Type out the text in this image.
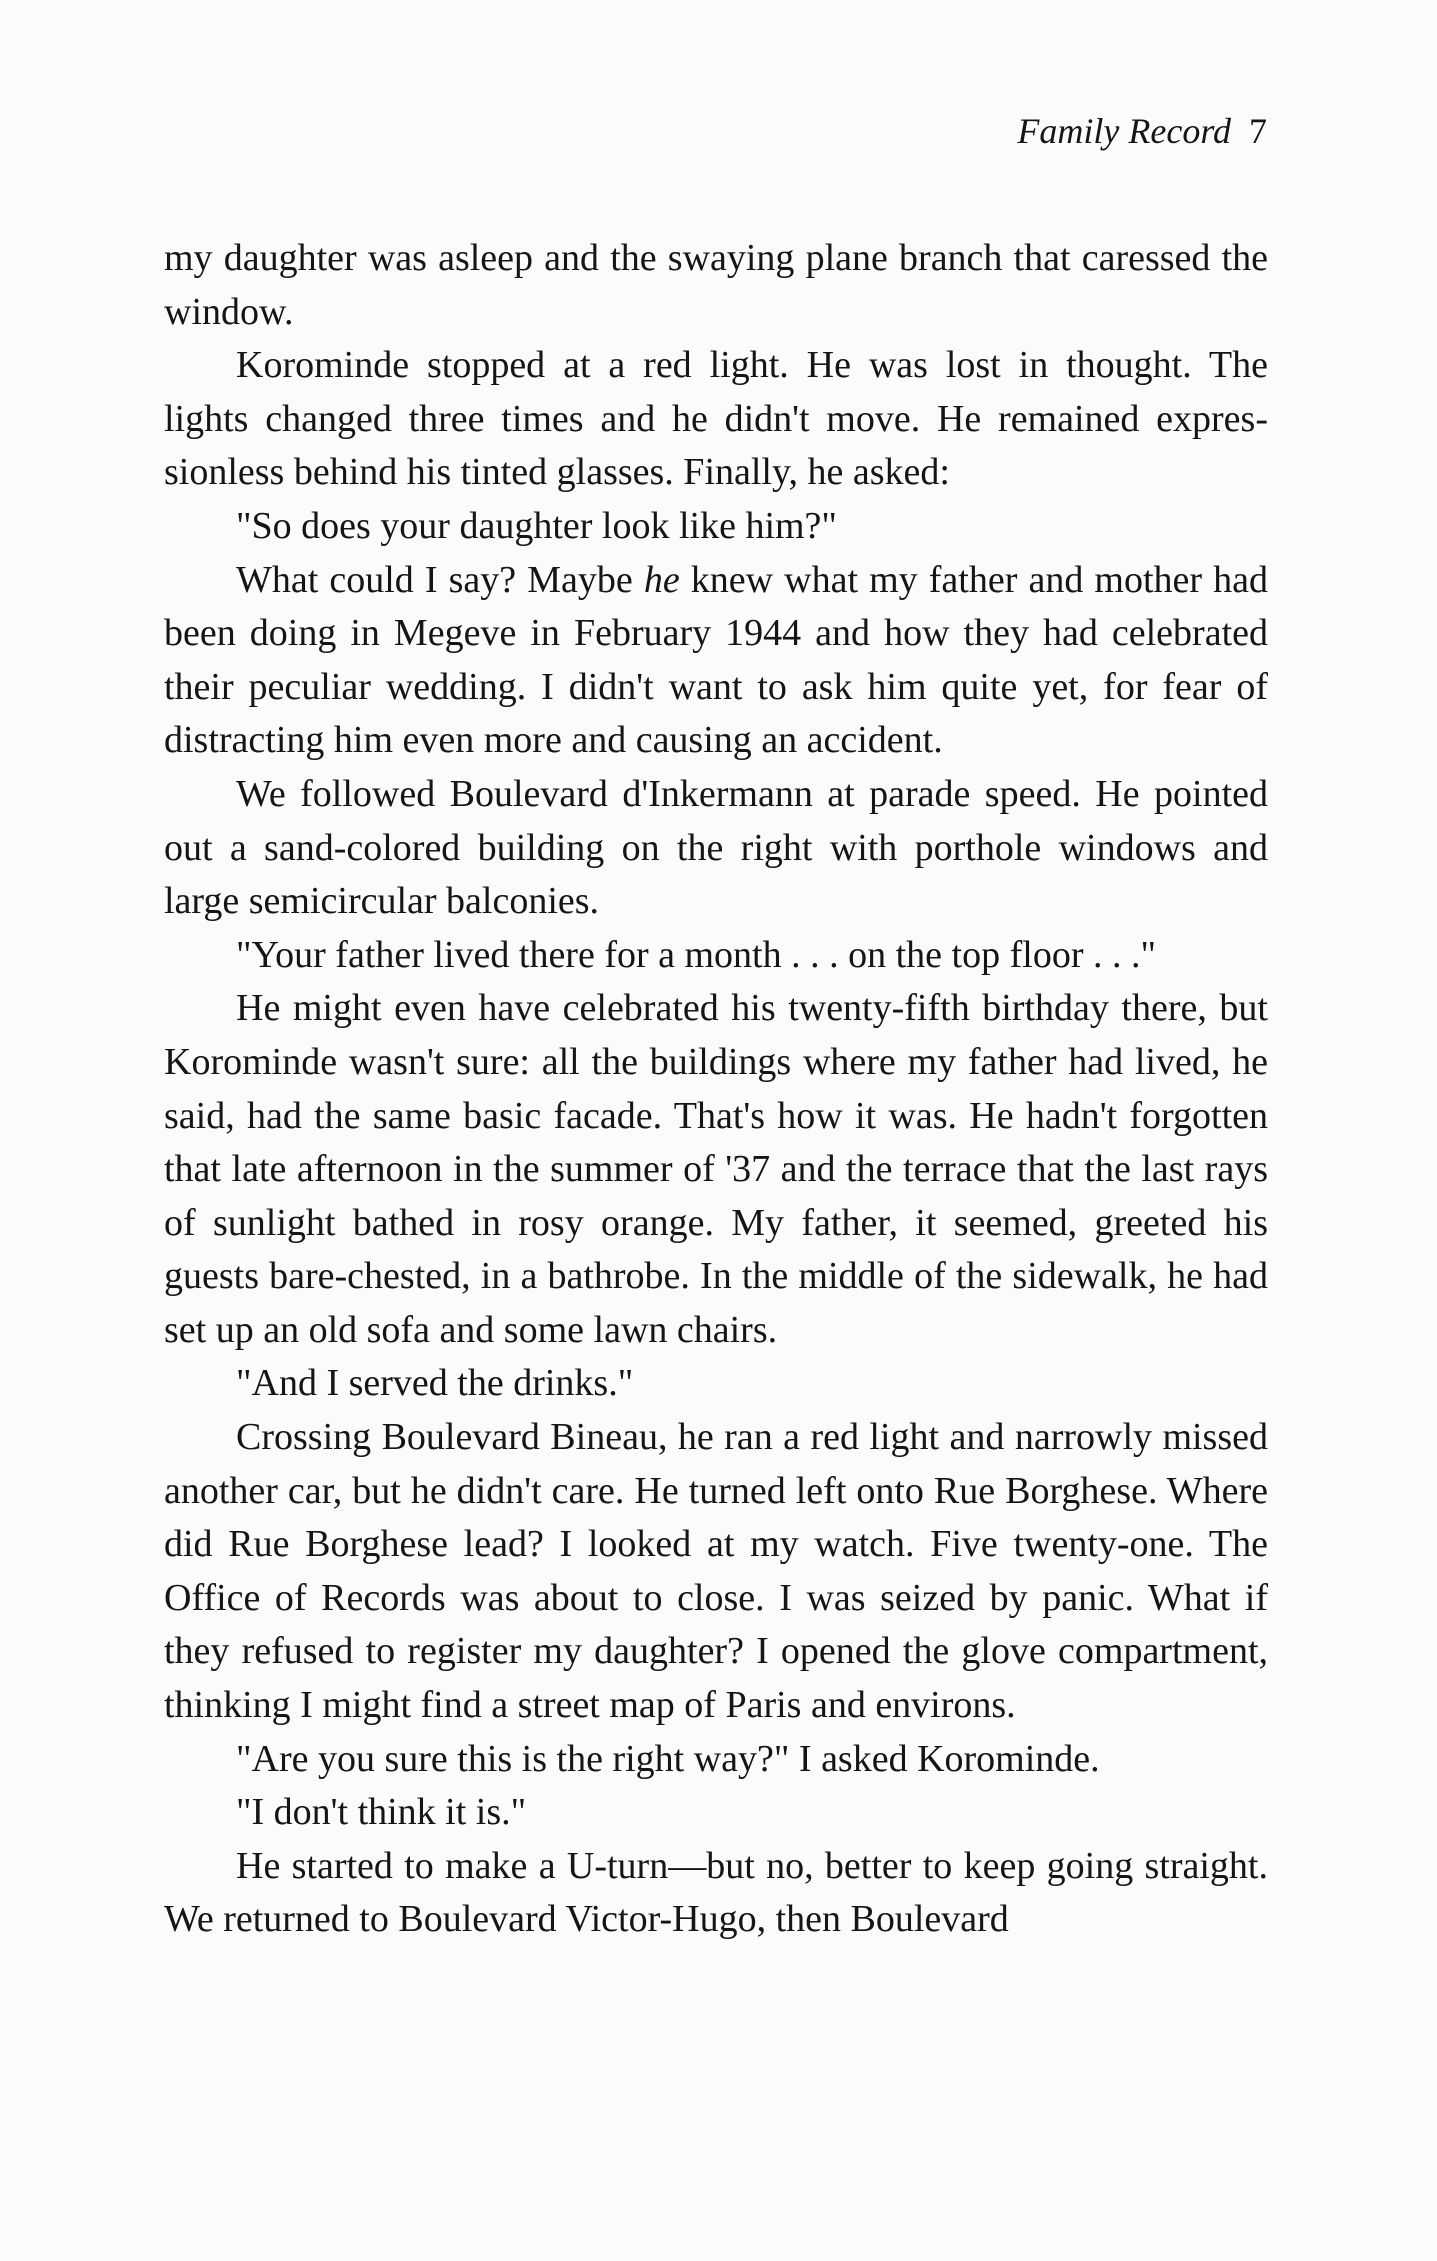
Family Record 7

my daughter was asleep and the swaying plane branch that caressed the window.

Korominde stopped at a red light. He was lost in thought. The lights changed three times and he didn't move. He remained expressionless behind his tinted glasses. Finally, he asked:

"So does your daughter look like him?"

What could I say? Maybe he knew what my father and mother had been doing in Megeve in February 1944 and how they had celebrated their peculiar wedding. I didn't want to ask him quite yet, for fear of distracting him even more and causing an accident.

We followed Boulevard d'Inkermann at parade speed. He pointed out a sand-colored building on the right with porthole windows and large semicircular balconies.

"Your father lived there for a month . . . on the top floor . . ."

He might even have celebrated his twenty-fifth birthday there, but Korominde wasn't sure: all the buildings where my father had lived, he said, had the same basic facade. That's how it was. He hadn't forgotten that late afternoon in the summer of '37 and the terrace that the last rays of sunlight bathed in rosy orange. My father, it seemed, greeted his guests bare-chested, in a bathrobe. In the middle of the sidewalk, he had set up an old sofa and some lawn chairs.

"And I served the drinks."

Crossing Boulevard Bineau, he ran a red light and narrowly missed another car, but he didn't care. He turned left onto Rue Borghese. Where did Rue Borghese lead? I looked at my watch. Five twenty-one. The Office of Records was about to close. I was seized by panic. What if they refused to register my daughter? I opened the glove compartment, thinking I might find a street map of Paris and environs.

"Are you sure this is the right way?" I asked Korominde.

"I don't think it is."

He started to make a U-turn—but no, better to keep going straight. We returned to Boulevard Victor-Hugo, then Boulevard
